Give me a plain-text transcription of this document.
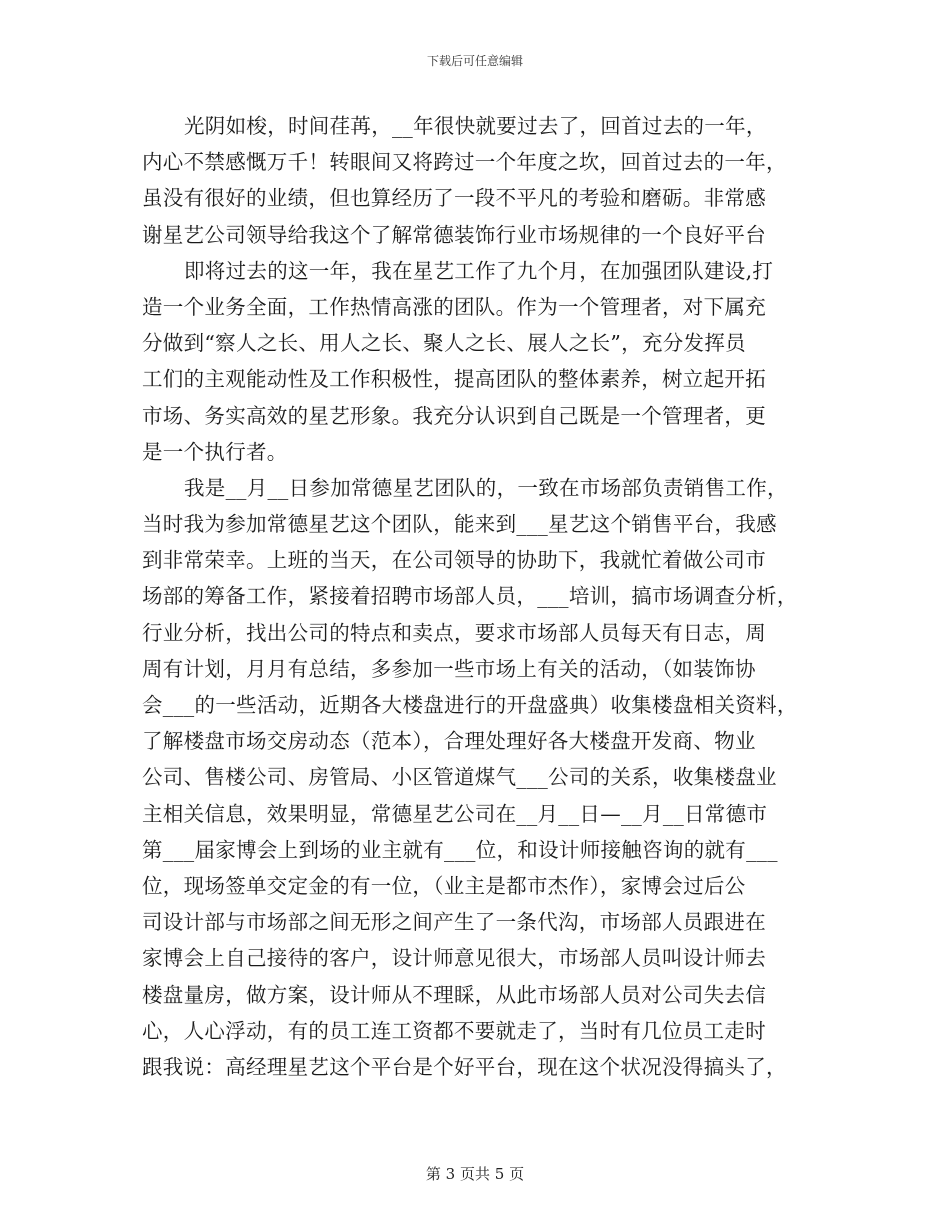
下载后可任意编辑
光阴如梭，时间荏苒，__年很快就要过去了，回首过去的一年，
内心不禁感慨万千！转眼间又将跨过一个年度之坎，回首过去的一年，
虽没有很好的业绩，但也算经历了一段不平凡的考验和磨砺。非常感
谢星艺公司领导给我这个了解常德装饰行业市场规律的一个良好平台
即将过去的这一年，我在星艺工作了九个月，在加强团队建设,打
造一个业务全面，工作热情高涨的团队。作为一个管理者，对下属充
分做到“察人之长、用人之长、聚人之长、展人之长”，充分发挥员
工们的主观能动性及工作积极性，提高团队的整体素养，树立起开拓
市场、务实高效的星艺形象。我充分认识到自己既是一个管理者，更
是一个执行者。
我是__月__日参加常德星艺团队的，一致在市场部负责销售工作，
当时我为参加常德星艺这个团队，能来到___星艺这个销售平台，我感
到非常荣幸。上班的当天，在公司领导的协助下，我就忙着做公司市
场部的筹备工作，紧接着招聘市场部人员，___培训，搞市场调查分析，
行业分析，找出公司的特点和卖点，要求市场部人员每天有日志，周
周有计划，月月有总结，多参加一些市场上有关的活动，（如装饰协
会___的一些活动，近期各大楼盘进行的开盘盛典）收集楼盘相关资料，
了解楼盘市场交房动态（范本），合理处理好各大楼盘开发商、物业
公司、售楼公司、房管局、小区管道煤气___公司的关系，收集楼盘业
主相关信息，效果明显，常德星艺公司在__月__日—__月__日常德市
第___届家博会上到场的业主就有___位，和设计师接触咨询的就有___
位，现场签单交定金的有一位，（业主是都市杰作），家博会过后公
司设计部与市场部之间无形之间产生了一条代沟，市场部人员跟进在
家博会上自己接待的客户，设计师意见很大，市场部人员叫设计师去
楼盘量房，做方案，设计师从不理睬，从此市场部人员对公司失去信
心，人心浮动，有的员工连工资都不要就走了，当时有几位员工走时
跟我说：高经理星艺这个平台是个好平台，现在这个状况没得搞头了，
第 3 页共 5 页
